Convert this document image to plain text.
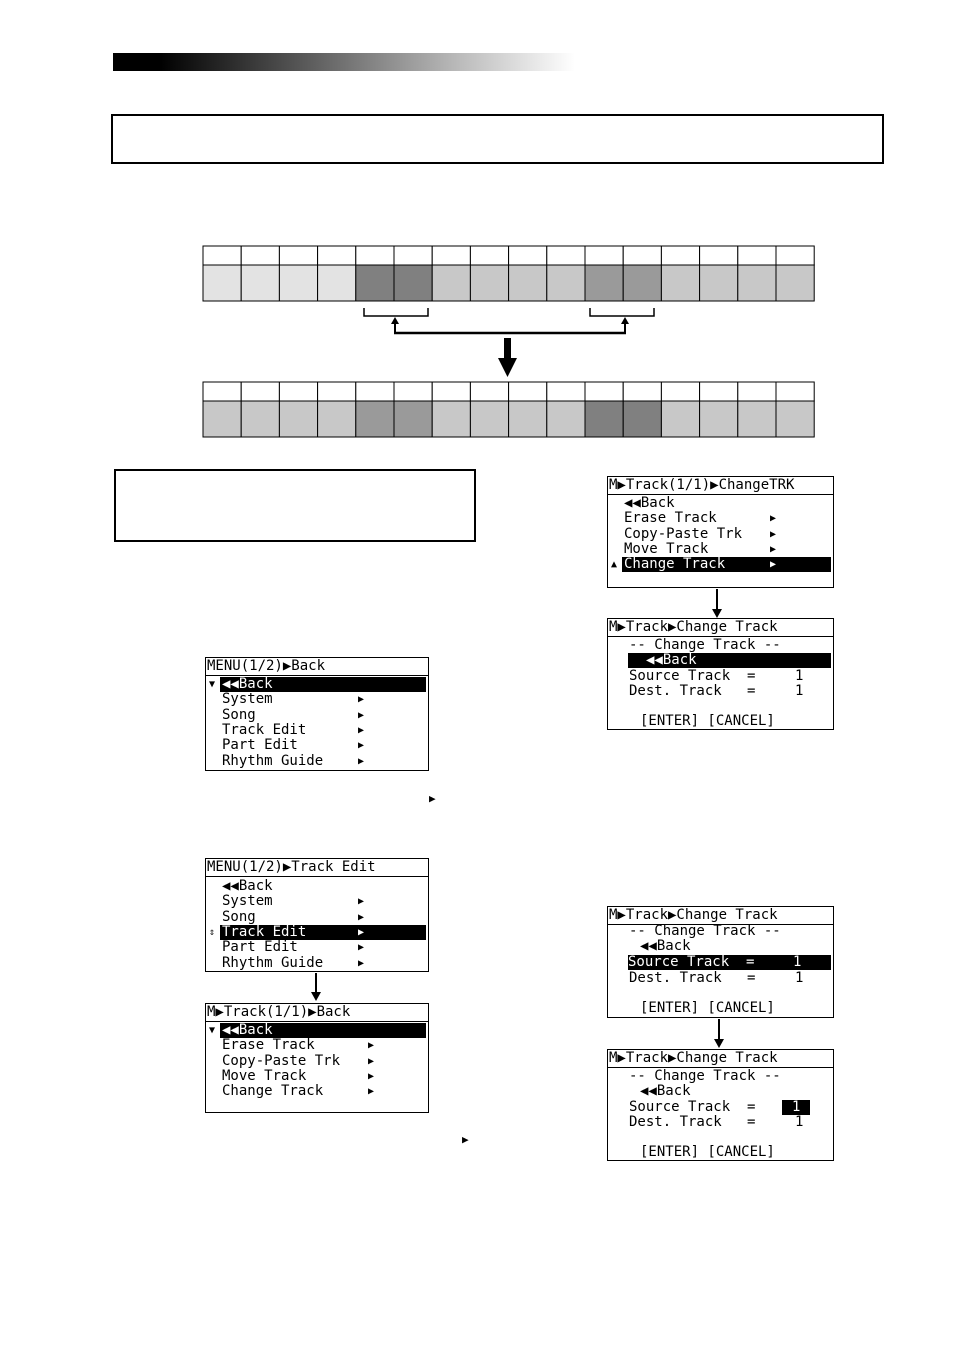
MENU(1/2)▶Back
◀◀Back
▼
System	▶
Song	▶
Track Edit	▶
Part Edit	▶
Rhythm Guide	▶
MENU(1/2)▶Track Edit
◀◀Back
System	▶
Song	▶
Track Edit	▶
⇕
Part Edit	▶
Rhythm Guide	▶
M▶Track(1/1)▶Back
◀◀Back
▼
Erase Track	▶
Copy-Paste Trk	▶
Move Track	▶
Change Track	▶
M▶Track(1/1)▶ChangeTRK
◀◀Back
Erase Track	▶
Copy-Paste Trk	▶
Move Track	▶
Change Track	▶
▲
M▶Track▶Change Track
-- Change Track --
◀◀Back
Source Track  =	1
Dest. Track   =	1
[ENTER] [CANCEL]
M▶Track▶Change Track
-- Change Track --
◀◀Back
Source Track  =	1
Dest. Track   =	1
[ENTER] [CANCEL]
M▶Track▶Change Track
-- Change Track --
◀◀Back
Source Track  =	1
Dest. Track   =	1
[ENTER] [CANCEL]
▶
▶
